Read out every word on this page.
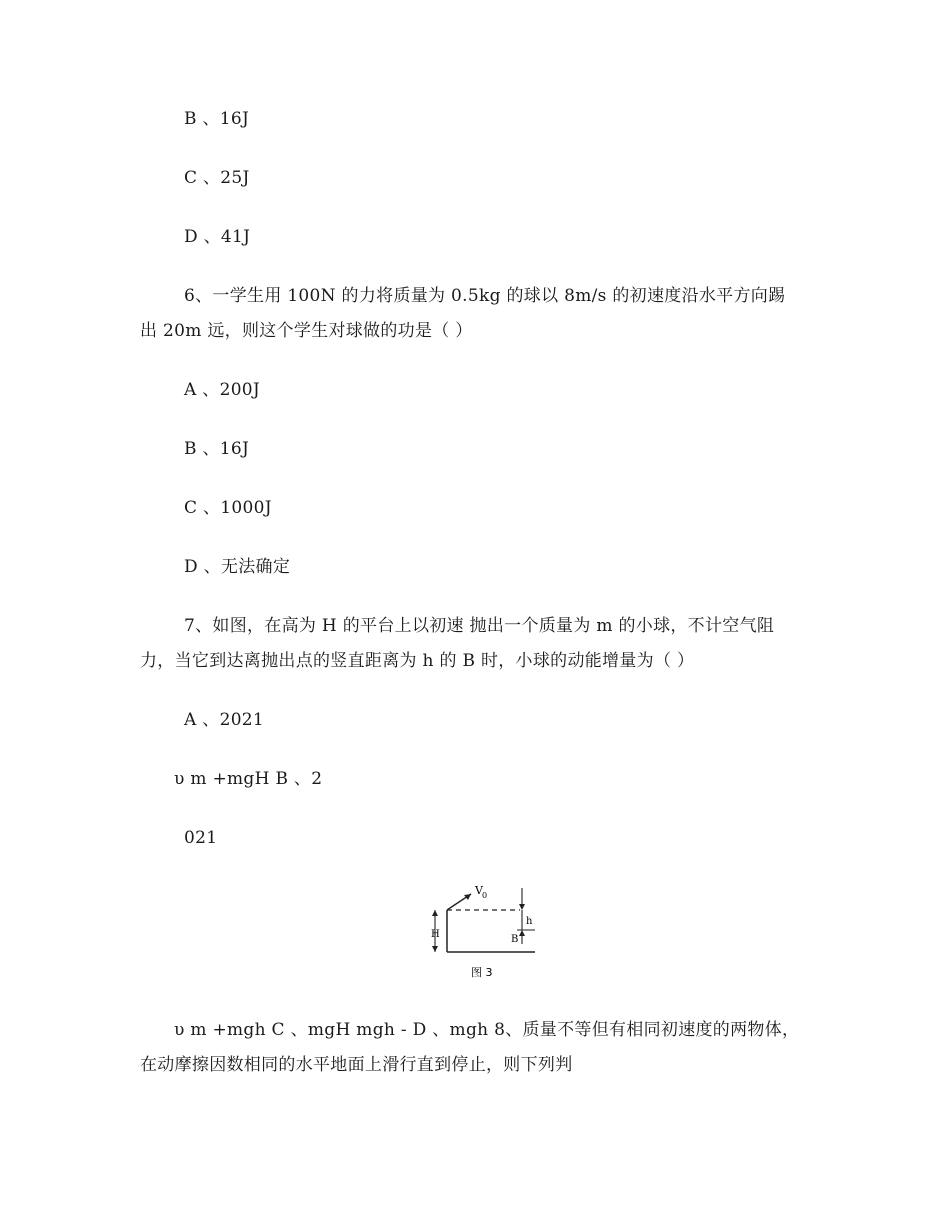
B 、16J
C 、25J
D 、41J
6、一学生用 100N 的力将质量为 0.5kg 的球以 8m/s 的初速度沿水平方向踢
出 20m 远，则这个学生对球做的功是（ ）
A 、200J
B 、16J
C 、1000J
D 、无法确定
7、如图，在高为 H 的平台上以初速 抛出一个质量为 m 的小球，不计空气阻
力，当它到达离抛出点的竖直距离为 h 的 B 时，小球的动能增量为（ ）
A 、2021
υ m +mgH B 、2
021
V 0
H
h
B
图 3
υ m +mgh C 、mgH mgh - D 、mgh 8、质量不等但有相同初速度的两物体，
在动摩擦因数相同的水平地面上滑行直到停止，则下列判
